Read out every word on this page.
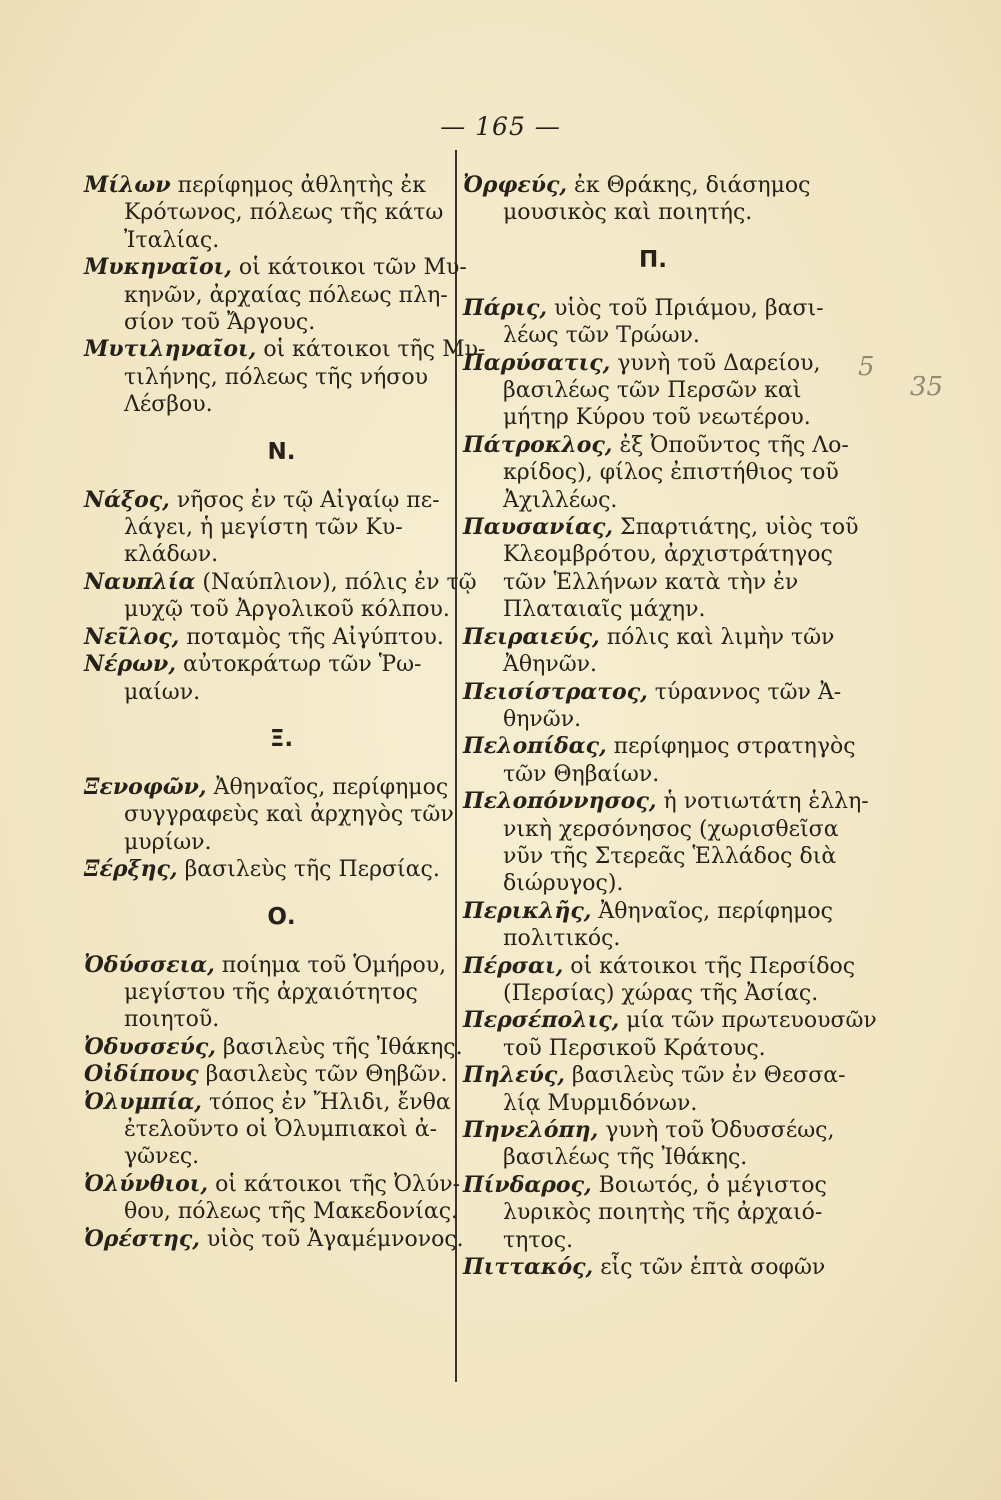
— 165 —
Μίλων περίφημος ἀθλητὴς ἐκ
Κρότωνος, πόλεως τῆς κάτω
Ἰταλίας.
Μυκηναῖοι, οἱ κάτοικοι τῶν Μυ-
κηνῶν, ἀρχαίας πόλεως πλη-
σίον τοῦ Ἄργους.
Μυτιληναῖοι, οἱ κάτοικοι τῆς Μυ-
τιλήνης, πόλεως τῆς νήσου
Λέσβου.
Ν.
Νάξος, νῆσος ἐν τῷ Αἰγαίῳ πε-
λάγει, ἡ μεγίστη τῶν Κυ-
κλάδων.
Ναυπλία (Ναύπλιον), πόλις ἐν τῷ
μυχῷ τοῦ Ἀργολικοῦ κόλπου.
Νεῖλος, ποταμὸς τῆς Αἰγύπτου.
Νέρων, αὐτοκράτωρ τῶν Ῥω-
μαίων.
Ξ.
Ξενοφῶν, Ἀθηναῖος, περίφημος
συγγραφεὺς καὶ ἀρχηγὸς τῶν
μυρίων.
Ξέρξης, βασιλεὺς τῆς Περσίας.
Ο.
Ὀδύσσεια, ποίημα τοῦ Ὁμήρου,
μεγίστου τῆς ἀρχαιότητος
ποιητοῦ.
Ὀδυσσεύς, βασιλεὺς τῆς Ἰθάκης.
Οἰδίπους βασιλεὺς τῶν Θηβῶν.
Ὀλυμπία, τόπος ἐν Ἤλιδι, ἔνθα
ἐτελοῦντο οἱ Ὀλυμπιακοὶ ἀ-
γῶνες.
Ὀλύνθιοι, οἱ κάτοικοι τῆς Ὀλύν-
θου, πόλεως τῆς Μακεδονίας.
Ὀρέστης, υἱὸς τοῦ Ἀγαμέμνονος.
Ὀρφεύς, ἐκ Θράκης, διάσημος
μουσικὸς καὶ ποιητής.
Π.
Πάρις, υἱὸς τοῦ Πριάμου, βασι-
λέως τῶν Τρώων.
Παρύσατις, γυνὴ τοῦ Δαρείου,
βασιλέως τῶν Περσῶν καὶ
μήτηρ Κύρου τοῦ νεωτέρου.
Πάτροκλος, ἐξ Ὀπoῦντος τῆς Λο-
κρίδος), φίλος ἐπιστήθιος τοῦ
Ἀχιλλέως.
Παυσανίας, Σπαρτιάτης, υἱὸς τοῦ
Κλεομβρότου, ἀρχιστράτηγος
τῶν Ἑλλήνων κατὰ τὴν ἐν
Πλαταιαῖς μάχην.
Πειραιεύς, πόλις καὶ λιμὴν τῶν
Ἀθηνῶν.
Πεισίστρατος, τύραννος τῶν Ἀ-
θηνῶν.
Πελοπίδας, περίφημος στρατηγὸς
τῶν Θηβαίων.
Πελοπόννησος, ἡ νοτιωτάτη ἑλλη-
νικὴ χερσόνησος (χωρισθεῖσα
νῦν τῆς Στερεᾶς Ἑλλάδος διὰ
διώρυγος).
Περικλῆς, Ἀθηναῖος, περίφημος
πολιτικός.
Πέρσαι, οἱ κάτοικοι τῆς Περσίδος
(Περσίας) χώρας τῆς Ἀσίας.
Περσέπολις, μία τῶν πρωτευουσῶν
τοῦ Περσικοῦ Κράτους.
Πηλεύς, βασιλεὺς τῶν ἐν Θεσσα-
λίᾳ Μυρμιδόνων.
Πηνελόπη, γυνὴ τοῦ Ὀδυσσέως,
βασιλέως τῆς Ἰθάκης.
Πίνδαρος, Βοιωτός, ὁ μέγιστος
λυρικὸς ποιητὴς τῆς ἀρχαιό-
τητος.
Πιττακός, εἷς τῶν ἑπτὰ σοφῶν
5
35
